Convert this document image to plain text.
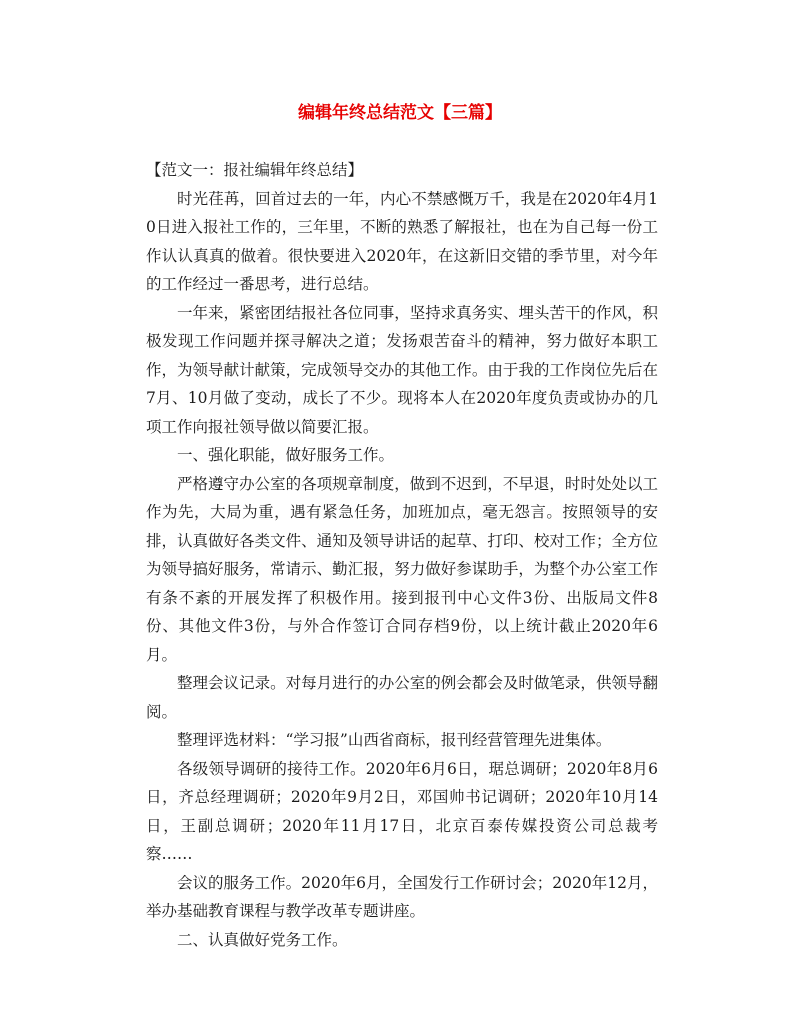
编辑年终总结范文【三篇】

【范文一：报社编辑年终总结】

时光荏苒，回首过去的一年，内心不禁感慨万千，我是在2020年4月10日进入报社工作的，三年里，不断的熟悉了解报社，也在为自己每一份工作认认真真的做着。很快要进入2020年，在这新旧交错的季节里，对今年的工作经过一番思考，进行总结。

一年来，紧密团结报社各位同事，坚持求真务实、埋头苦干的作风，积极发现工作问题并探寻解决之道；发扬艰苦奋斗的精神，努力做好本职工作，为领导献计献策，完成领导交办的其他工作。由于我的工作岗位先后在7月、10月做了变动，成长了不少。现将本人在2020年度负责或协办的几项工作向报社领导做以简要汇报。

一、强化职能，做好服务工作。

严格遵守办公室的各项规章制度，做到不迟到，不早退，时时处处以工作为先，大局为重，遇有紧急任务，加班加点，毫无怨言。按照领导的安排，认真做好各类文件、通知及领导讲话的起草、打印、校对工作；全方位为领导搞好服务，常请示、勤汇报，努力做好参谋助手，为整个办公室工作有条不紊的开展发挥了积极作用。接到报刊中心文件3份、出版局文件8份、其他文件3份，与外合作签订合同存档9份，以上统计截止2020年6月。

整理会议记录。对每月进行的办公室的例会都会及时做笔录，供领导翻阅。

整理评选材料：“学习报”山西省商标，报刊经营管理先进集体。

各级领导调研的接待工作。2020年6月6日，琚总调研；2020年8月6日，齐总经理调研；2020年9月2日，邓国帅书记调研；2020年10月14日，王副总调研；2020年11月17日，北京百泰传媒投资公司总裁考察……

会议的服务工作。2020年6月，全国发行工作研讨会；2020年12月，举办基础教育课程与教学改革专题讲座。

二、认真做好党务工作。
